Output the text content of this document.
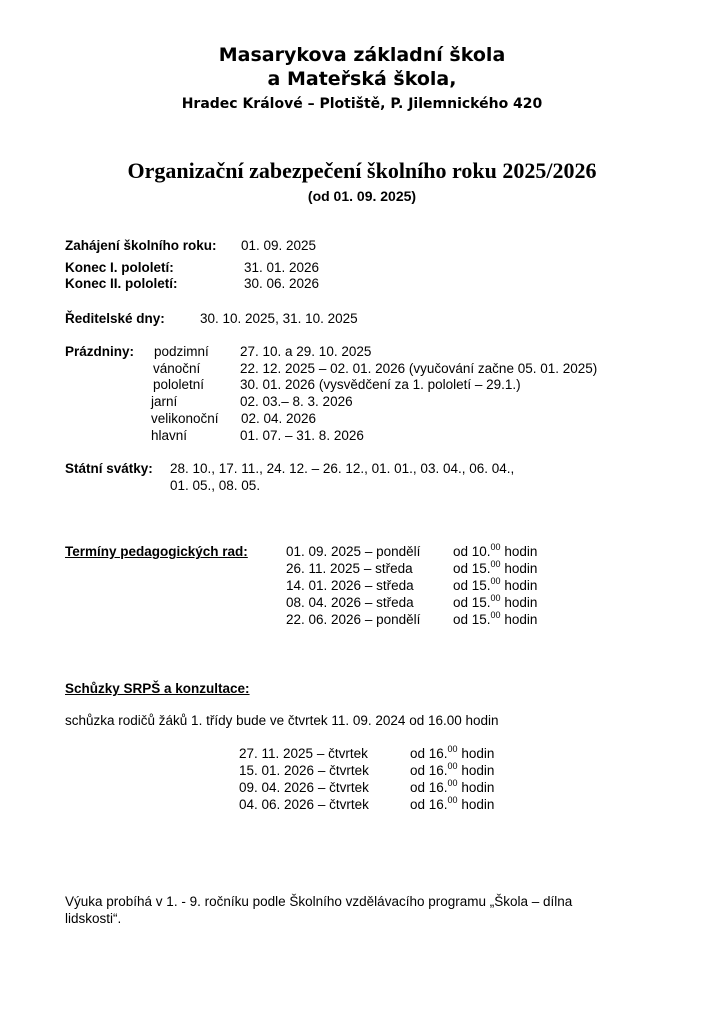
Masarykova základní škola
a Mateřská škola,
Hradec Králové – Plotiště, P. Jilemnického 420
Organizační zabezpečení školního roku 2025/2026
(od 01. 09. 2025)
Zahájení školního roku: 01. 09. 2025
Konec I. pololetí:	31. 01. 2026
Konec II. pololetí:	30. 06. 2026
Ředitelské dny:	30. 10. 2025, 31. 10. 2025
Prázdniny: podzimní 27. 10. a 29. 10. 2025
vánoční	22. 12. 2025 – 02. 01. 2026 (vyučování začne 05. 01. 2025)
pololetní	30. 01. 2026 (vysvědčení za 1. pololetí – 29.1.)
jarní	02. 03.– 8. 3. 2026
velikonoční 02. 04. 2026
hlavní	01. 07. – 31. 8. 2026
Státní svátky: 28. 10., 17. 11., 24. 12. – 26. 12., 01. 01., 03. 04., 06. 04.,
01. 05., 08. 05.
Termíny pedagogických rad:	01. 09. 2025 – pondělí od 10.00 hodin
26. 11. 2025 – středa	od 15.00 hodin
14. 01. 2026 – středa	od 15.00 hodin
08. 04. 2026 – středa	od 15.00 hodin
22. 06. 2026 – pondělí od 15.00 hodin
Schůzky SRPŠ a konzultace:
schůzka rodičů žáků 1. třídy bude ve čtvrtek 11. 09. 2024 od 16.00 hodin
27. 11. 2025 – čtvrtek	od 16.00 hodin
15. 01. 2026 – čtvrtek	od 16.00 hodin
09. 04. 2026 – čtvrtek	od 16.00 hodin
04. 06. 2026 – čtvrtek	od 16.00 hodin
Výuka probíhá v 1. - 9. ročníku podle Školního vzdělávacího programu „Škola – dílna
lidskosti“.
